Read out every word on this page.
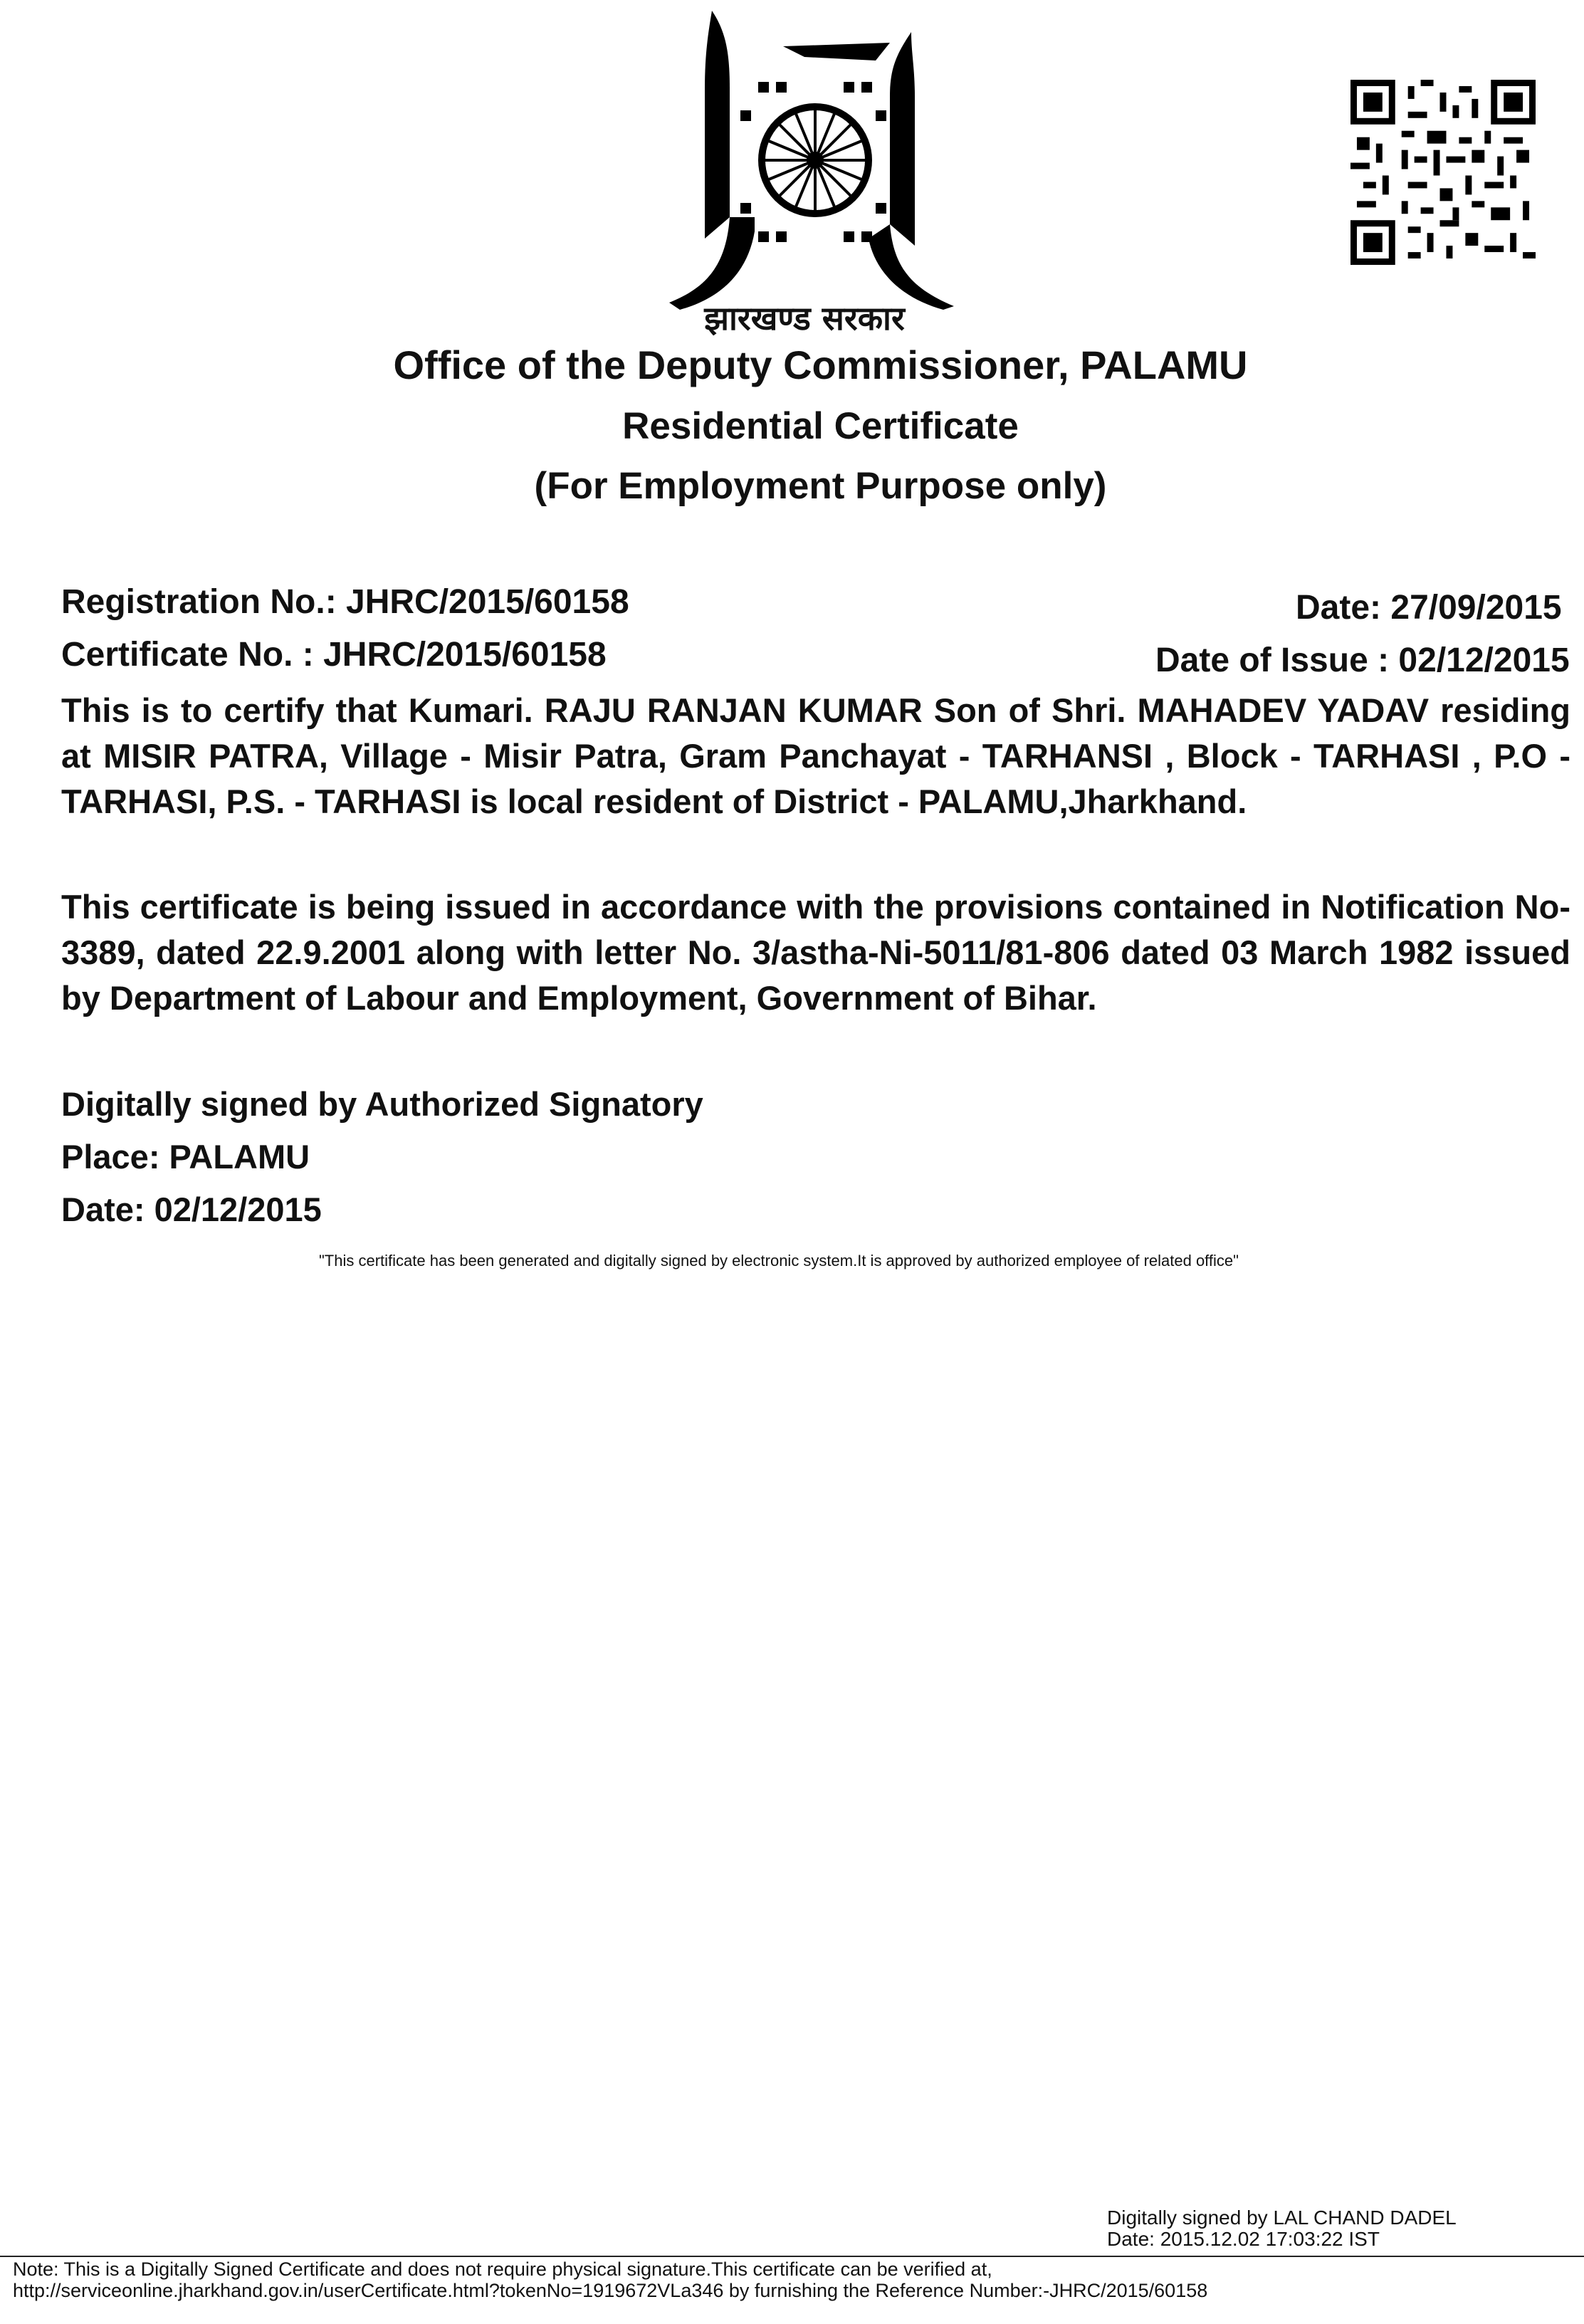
झारखण्ड सरकार
Office of the Deputy Commissioner, PALAMU
Residential Certificate
(For Employment Purpose only)
Registration No.: JHRC/2015/60158	Date: 27/09/2015
Certificate No. : JHRC/2015/60158	Date of Issue : 02/12/2015
This is to certify that Kumari. RAJU RANJAN KUMAR Son of Shri. MAHADEV YADAV residing at MISIR PATRA, Village - Misir Patra, Gram Panchayat - TARHANSI , Block - TARHASI , P.O - TARHASI, P.S. - TARHASI is local resident of District - PALAMU,Jharkhand.
This certificate is being issued in accordance with the provisions contained in Notification No-3389, dated 22.9.2001 along with letter No. 3/astha-Ni-5011/81-806 dated 03 March 1982 issued by Department of Labour and Employment, Government of Bihar.
Digitally signed by Authorized Signatory
Place: PALAMU
Date: 02/12/2015
"This certificate has been generated and digitally signed by electronic system.It is approved by authorized employee of related office"
Digitally signed by LAL CHAND DADEL
Date: 2015.12.02 17:03:22 IST
Note: This is a Digitally Signed Certificate and does not require physical signature.This certificate can be verified at,
http://serviceonline.jharkhand.gov.in/userCertificate.html?tokenNo=1919672VLa346 by furnishing the Reference Number:-JHRC/2015/60158
